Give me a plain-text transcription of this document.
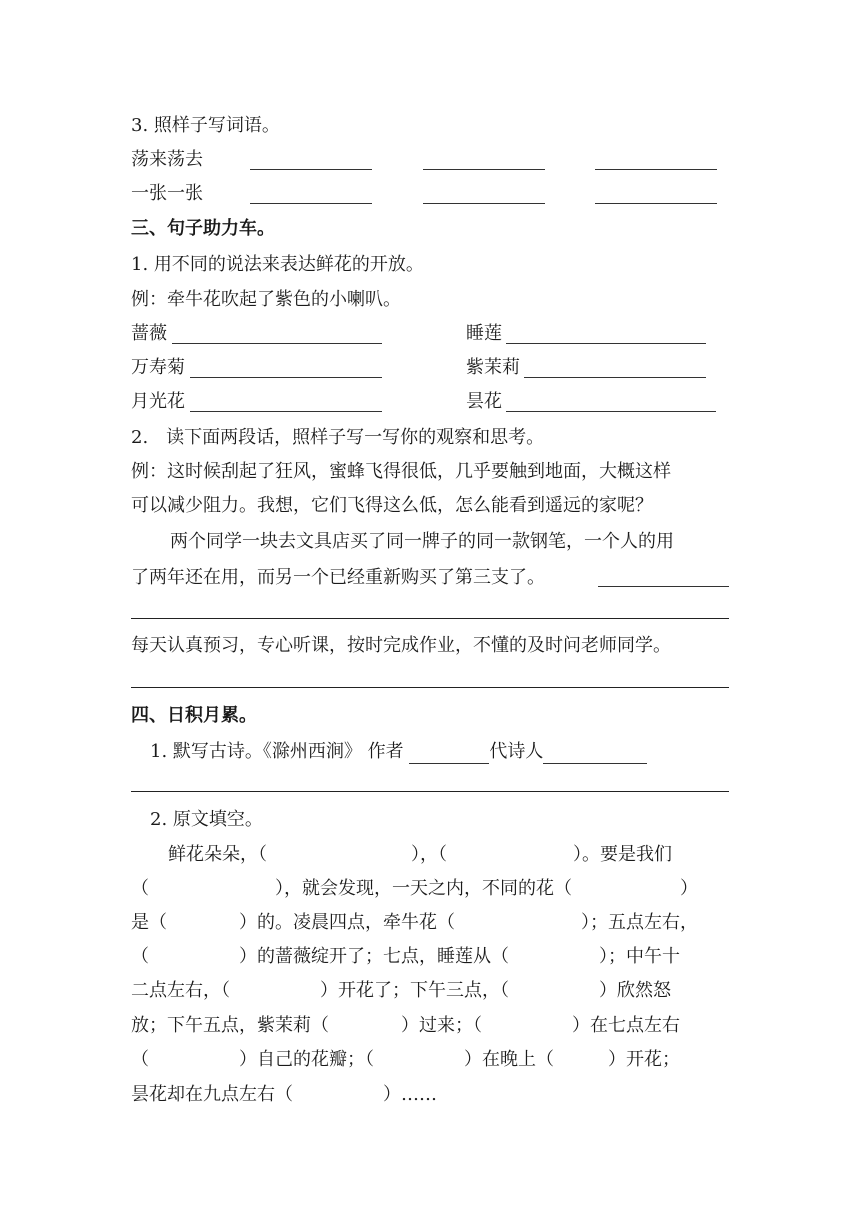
3. 照样子写词语。
荡来荡去
一张一张
三、句子助力车。
1. 用不同的说法来表达鲜花的开放。
例：牵牛花吹起了紫色的小喇叭。
蔷薇	睡莲
万寿菊	紫茉莉
月光花	昙花
2.　读下面两段话，照样子写一写你的观察和思考。
例：这时候刮起了狂风，蜜蜂飞得很低，几乎要触到地面，大概这样
可以减少阻力。我想，它们飞得这么低，怎么能看到遥远的家呢？
两个同学一块去文具店买了同一牌子的同一款钢笔，一个人的用
了两年还在用，而另一个已经重新购买了第三支了。
每天认真预习，专心听课，按时完成作业，不懂的及时问老师同学。
四、日积月累。
1. 默写古诗。《滁州西涧》 作者	代诗人
2. 原文填空。
鲜花朵朵，（　　　　　　　　），（　　　　　　　）。要是我们
（　　　　　　　），就会发现，一天之内，不同的花（　　　　　　）
是（　　　　）的。凌晨四点，牵牛花（　　　　　　　）；五点左右，
（　　　　　）的蔷薇绽开了；七点，睡莲从（　　　　　）；中午十
二点左右，（　　　　　）开花了；下午三点，（　　　　　）欣然怒
放；下午五点，紫茉莉（　　　　）过来；（　　　　　）在七点左右
（　　　　　）自己的花瓣；（　　　　　）在晚上（　　　）开花；
昙花却在九点左右（　　　　　）……
